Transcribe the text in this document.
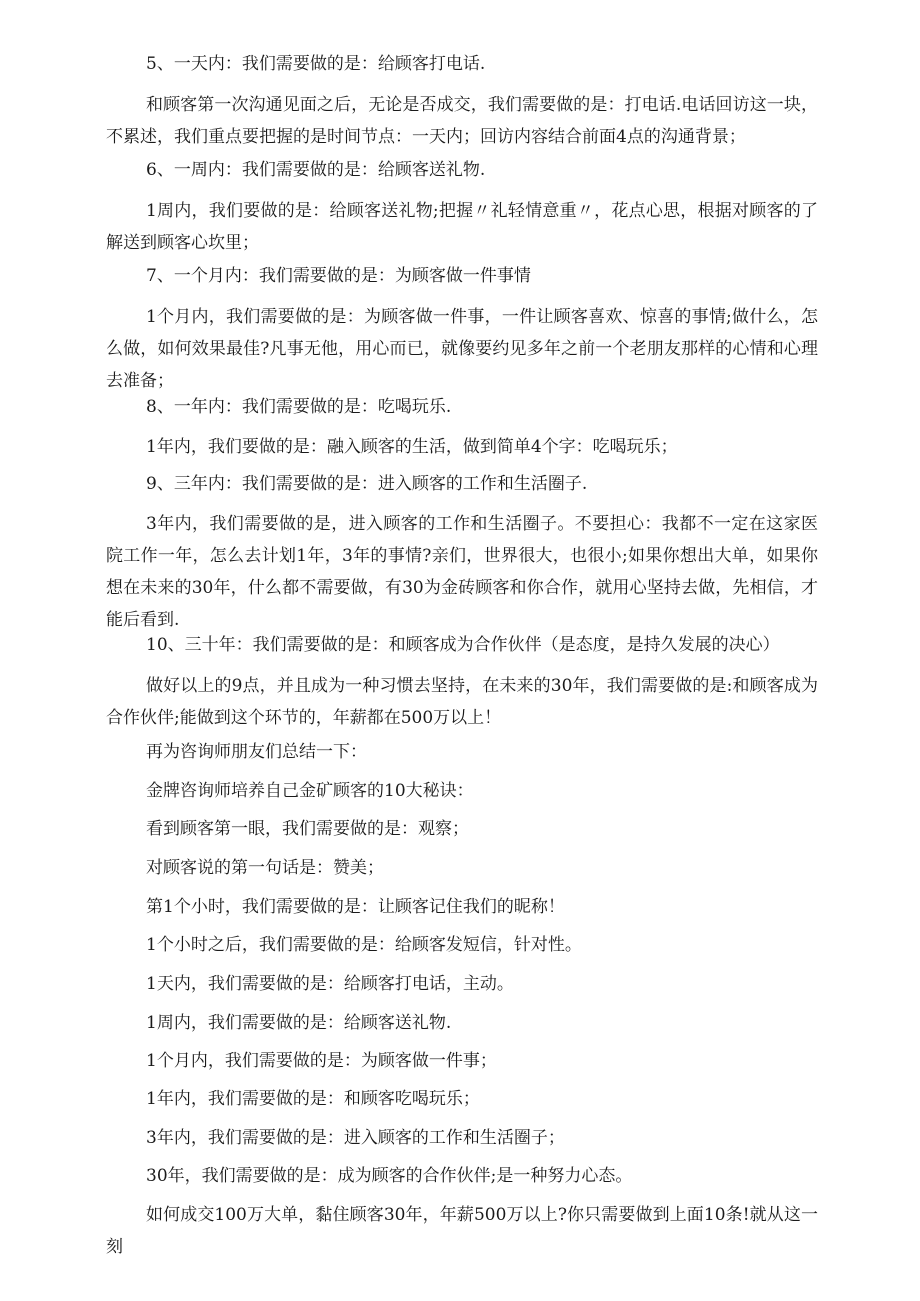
5、一天内：我们需要做的是：给顾客打电话.

和顾客第一次沟通见面之后，无论是否成交，我们需要做的是：打电话.电话回访这一块，不累述，我们重点要把握的是时间节点：一天内；回访内容结合前面4点的沟通背景；

6、一周内：我们需要做的是：给顾客送礼物.

1周内，我们要做的是：给顾客送礼物;把握〃礼轻情意重〃，花点心思，根据对顾客的了解送到顾客心坎里；

7、一个月内：我们需要做的是：为顾客做一件事情

1个月内，我们需要做的是：为顾客做一件事，一件让顾客喜欢、惊喜的事情;做什么，怎么做，如何效果最佳?凡事无他，用心而已，就像要约见多年之前一个老朋友那样的心情和心理去准备；

8、一年内：我们需要做的是：吃喝玩乐.

1年内，我们要做的是：融入顾客的生活，做到简单4个字：吃喝玩乐；

9、三年内：我们需要做的是：进入顾客的工作和生活圈子.

3年内，我们需要做的是，进入顾客的工作和生活圈子。不要担心：我都不一定在这家医院工作一年，怎么去计划1年，3年的事情?亲们，世界很大，也很小;如果你想出大单，如果你想在未来的30年，什么都不需要做，有30为金砖顾客和你合作，就用心坚持去做，先相信，才能后看到.

10、三十年：我们需要做的是：和顾客成为合作伙伴（是态度，是持久发展的决心）

做好以上的9点，并且成为一种习惯去坚持，在未来的30年，我们需要做的是:和顾客成为合作伙伴;能做到这个环节的，年薪都在500万以上！

再为咨询师朋友们总结一下：

金牌咨询师培养自己金矿顾客的10大秘诀：

看到顾客第一眼，我们需要做的是：观察；

对顾客说的第一句话是：赞美；

第1个小时，我们需要做的是：让顾客记住我们的昵称！

1个小时之后，我们需要做的是：给顾客发短信，针对性。

1天内，我们需要做的是：给顾客打电话，主动。

1周内，我们需要做的是：给顾客送礼物.

1个月内，我们需要做的是：为顾客做一件事；

1年内，我们需要做的是：和顾客吃喝玩乐；

3年内，我们需要做的是：进入顾客的工作和生活圈子；

30年，我们需要做的是：成为顾客的合作伙伴;是一种努力心态。

如何成交100万大单，黏住顾客30年，年薪500万以上?你只需要做到上面10条!就从这一刻
